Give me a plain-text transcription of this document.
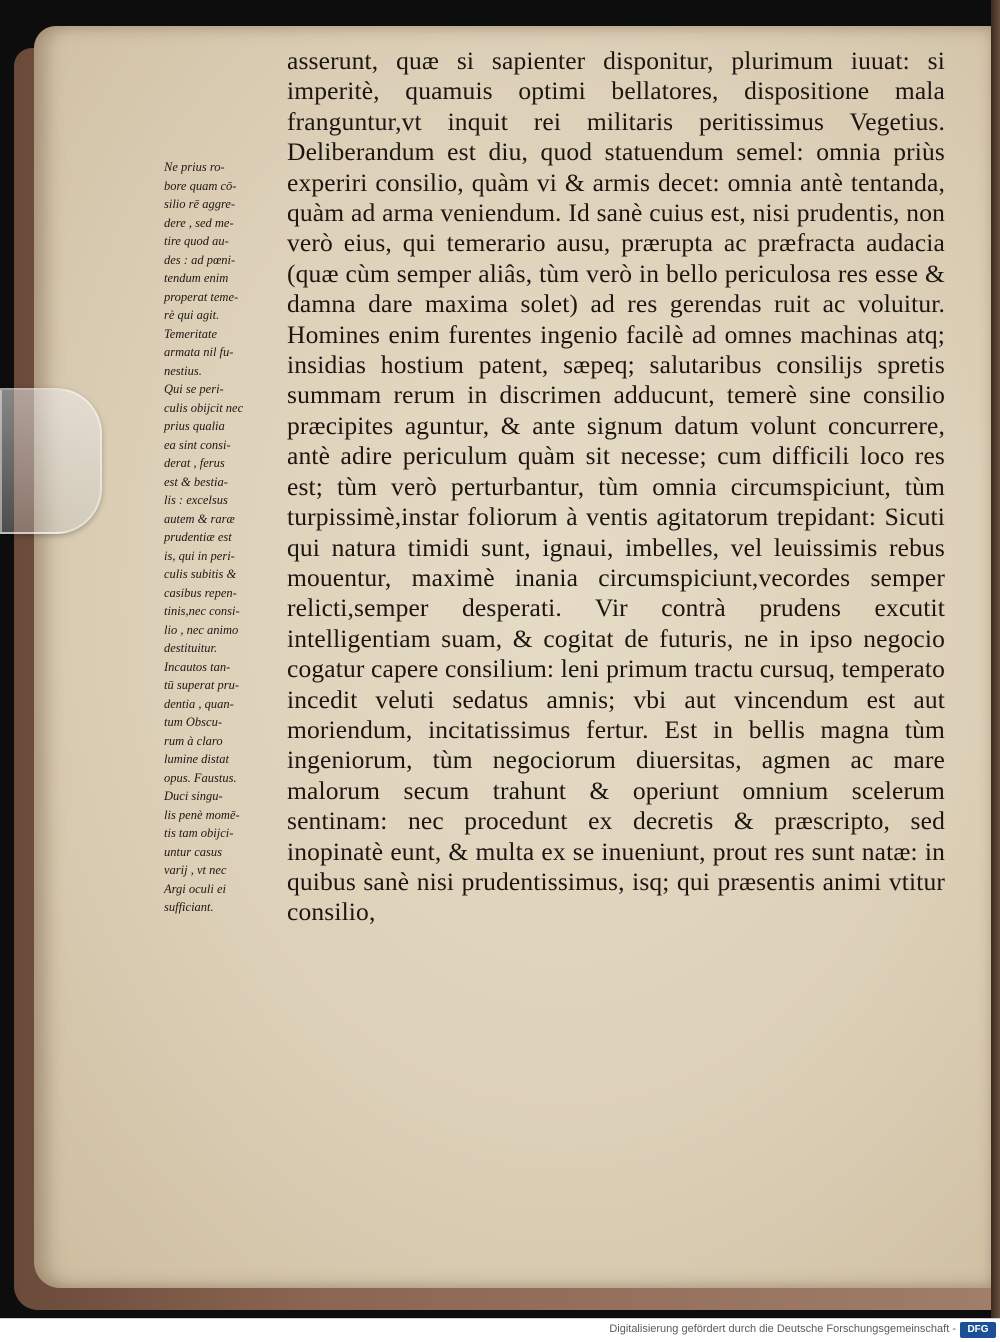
Ne prius ro-
bore quam cō-
silio rē aggre-
dere , sed me-
tire quod au-
des : ad pœni-
tendum enim
properat teme-
rè qui agit.

Temeritate
armata nil fu-
nestius.

Qui se peri-
culis obijcit nec
prius qualia
ea sint consi-
derat , ferus
est & bestia-
lis : excelsus
autem & raræ
prudentiæ est
is, qui in peri-
culis subitis &
casibus repen-
tinis,nec consi-
lio , nec animo
destituitur.

Incautos tan-
tū superat pru-
dentia , quan-
tum Obscu-
rum à claro
lumine distat
opus. Faustus.

Duci singu-
lis penè momē-
tis tam obijci-
untur casus
varij , vt nec
Argi oculi ei
sufficiant.

asserunt, quæ si sapienter disponitur, plurimum iuuat: si imperitè, quamuis optimi bellatores, dispositione mala franguntur,vt inquit rei militaris peritissimus Vegetius. Deliberandum est diu, quod statuendum semel: omnia priùs experiri consilio, quàm vi & armis decet: omnia antè tentanda, quàm ad arma veniendum. Id sanè cuius est, nisi prudentis, non verò eius, qui temerario ausu, prærupta ac præfracta audacia (quæ cùm semper aliâs, tùm verò in bello periculosa res esse & damna dare maxima solet) ad res gerendas ruit ac voluitur. Homines enim furentes ingenio facilè ad omnes machinas atq; insidias hostium patent, sæpeq; salutaribus consilijs spretis summam rerum in discrimen adducunt, temerè sine consilio præcipites aguntur, & ante signum datum volunt concurrere, antè adire periculum quàm sit necesse; cum difficili loco res est; tùm verò perturbantur, tùm omnia circumspiciunt, tùm turpissimè,instar foliorum à ventis agitatorum trepidant: Sicuti qui natura timidi sunt, ignaui, imbelles, vel leuissimis rebus mouentur, maximè inania circumspiciunt,vecordes semper relicti,semper desperati. Vir contrà prudens excutit intelligentiam suam, & cogitat de futuris, ne in ipso negocio cogatur capere consilium: leni primum tractu cursuq, temperato incedit veluti sedatus amnis; vbi aut vincendum est aut moriendum, incitatissimus fertur. Est in bellis magna tùm ingeniorum, tùm negociorum diuersitas, agmen ac mare malorum secum trahunt & operiunt omnium scelerum sentinam: nec procedunt ex decretis & præscripto, sed inopinatè eunt, & multa ex se inueniunt, prout res sunt natæ: in quibus sanè nisi prudentissimus, isq; qui præsentis animi vtitur consilio,

Digitalisierung gefördert durch die Deutsche Forschungsgemeinschaft -	DFG
